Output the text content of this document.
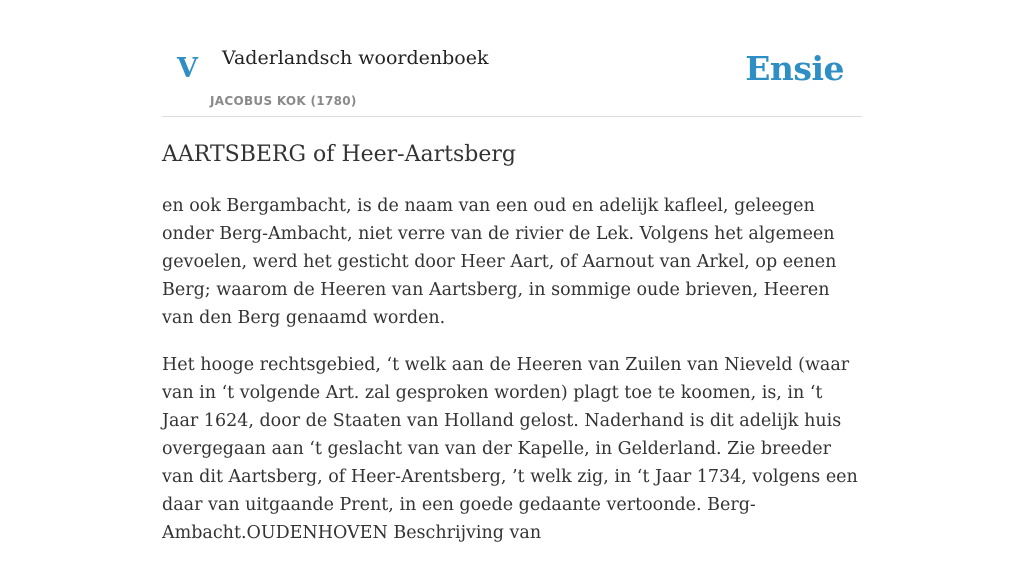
V Vaderlandsch woordenboek
JACOBUS KOK (1780)
Ensie
AARTSBERG of Heer-Aartsberg

en ook Bergambacht, is de naam van een oud en adelijk kafleel, geleegen onder Berg-Ambacht, niet verre van de rivier de Lek. Volgens het algemeen gevoelen, werd het gesticht door Heer Aart, of Aarnout van Arkel, op eenen Berg; waarom de Heeren van Aartsberg, in sommige oude brieven, Heeren van den Berg genaamd worden.

Het hooge rechtsgebied, ‘t welk aan de Heeren van Zuilen van Nieveld (waar van in ‘t volgende Art. zal gesproken worden) plagt toe te koomen, is, in ‘t Jaar 1624, door de Staaten van Holland gelost. Naderhand is dit adelijk huis overgegaan aan ‘t geslacht van van der Kapelle, in Gelderland. Zie breeder van dit Aartsberg, of Heer-Arentsberg, ’t welk zig, in ‘t Jaar 1734, volgens een daar van uitgaande Prent, in een goede gedaante vertoonde. Berg-Ambacht.OUDENHOVEN Beschrijving van
